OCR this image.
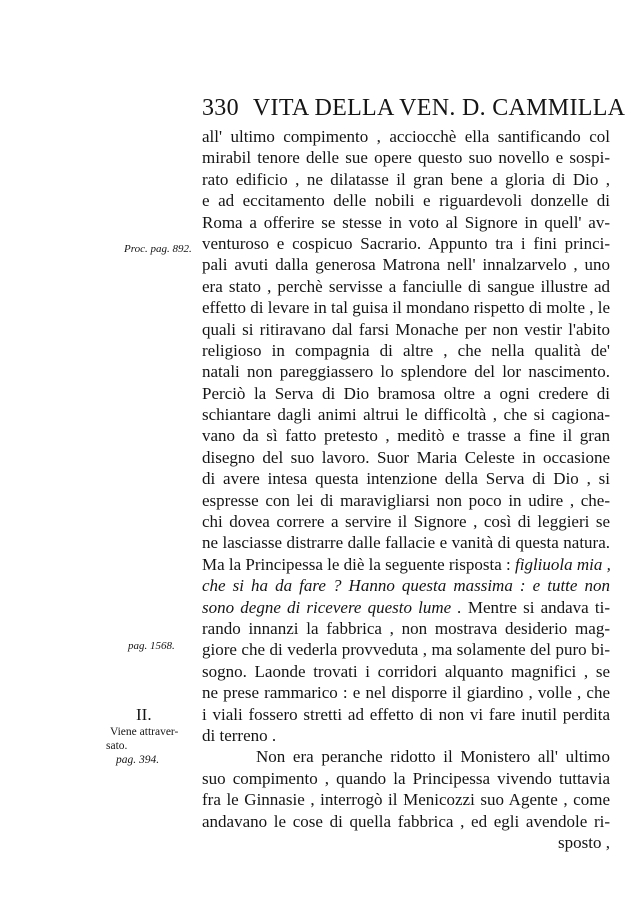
330 VITA DELLA VEN. D. CAMMILLA
Proc. pag. 892.
pag. 1568.
II.
Viene attraver-
sato.
pag. 394.
all' ultimo compimento , acciocchè ella santificando col
mirabil tenore delle sue opere questo suo novello e sospi-
rato edificio , ne dilatasse il gran bene a gloria di Dio ,
e ad eccitamento delle nobili e riguardevoli donzelle di
Roma a offerire se stesse in voto al Signore in quell' av-
venturoso e cospicuo Sacrario. Appunto tra i fini princi-
pali avuti dalla generosa Matrona nell' innalzarvelo , uno
era stato , perchè servisse a fanciulle di sangue illustre ad
effetto di levare in tal guisa il mondano rispetto di molte , le
quali si ritiravano dal farsi Monache per non vestir l'abito
religioso in compagnia di altre , che nella qualità de'
natali non pareggiassero lo splendore del lor nascimento.
Perciò la Serva di Dio bramosa oltre a ogni credere di
schiantare dagli animi altrui le difficoltà , che si cagiona-
vano da sì fatto pretesto , meditò e trasse a fine il gran
disegno del suo lavoro. Suor Maria Celeste in occasione
di avere intesa questa intenzione della Serva di Dio , si
espresse con lei di maravigliarsi non poco in udire , che-
chi dovea correre a servire il Signore , così di leggieri se
ne lasciasse distrarre dalle fallacie e vanità di questa natura.
Ma la Principessa le diè la seguente risposta : figliuola mia ,
che si ha da fare ? Hanno questa massima : e tutte non
sono degne di ricevere questo lume . Mentre si andava ti-
rando innanzi la fabbrica , non mostrava desiderio mag-
giore che di vederla provveduta , ma solamente del puro bi-
sogno. Laonde trovati i corridori alquanto magnifici , se
ne prese rammarico : e nel disporre il giardino , volle , che
i viali fossero stretti ad effetto di non vi fare inutil perdita
di terreno .
Non era peranche ridotto il Monistero all' ultimo
suo compimento , quando la Principessa vivendo tuttavia
fra le Ginnasie , interrogò il Menicozzi suo Agente , come
andavano le cose di quella fabbrica , ed egli avendole ri-
sposto ,
